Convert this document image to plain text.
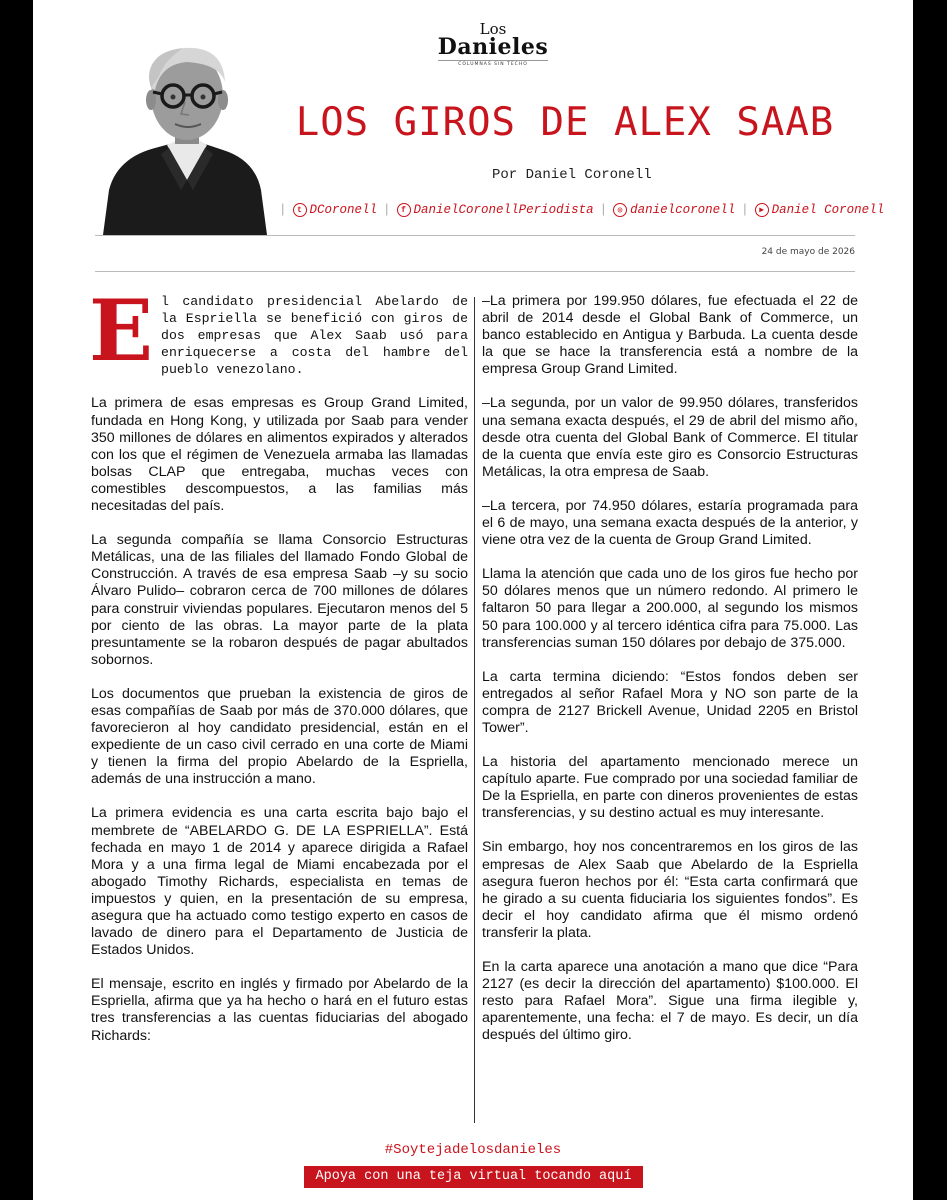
Los
Danieles
COLUMNAS SIN TECHO
LOS GIROS DE ALEX SAAB
Por Daniel Coronell
|	t DCoronell |	f DanielCoronellPeriodista |	◎ danielcoronell |	▶ Daniel Coronell
24 de mayo de 2026

El candidato presidencial Abelardo de la Espriella se benefició con giros de dos empresas que Alex Saab usó para enriquecerse a costa del hambre del pueblo venezolano.

La primera de esas empresas es Group Grand Limited, fundada en Hong Kong, y utilizada por Saab para vender 350 millones de dólares en alimentos expirados y alterados con los que el régimen de Venezuela armaba las llamadas bolsas CLAP que entregaba, muchas veces con comestibles descompuestos, a las familias más necesitadas del país.

La segunda compañía se llama Consorcio Estructuras Metálicas, una de las filiales del llamado Fondo Global de Construcción. A través de esa empresa Saab –y su socio Álvaro Pulido– cobraron cerca de 700 millones de dólares para construir viviendas populares. Ejecutaron menos del 5 por ciento de las obras. La mayor parte de la plata presuntamente se la robaron después de pagar abultados sobornos.

Los documentos que prueban la existencia de giros de esas compañías de Saab por más de 370.000 dólares, que favorecieron al hoy candidato presidencial, están en el expediente de un caso civil cerrado en una corte de Miami y tienen la firma del propio Abelardo de la Espriella, además de una instrucción a mano.

La primera evidencia es una carta escrita bajo bajo el membrete de “ABELARDO G. DE LA ESPRIELLA”. Está fechada en mayo 1 de 2014 y aparece dirigida a Rafael Mora y a una firma legal de Miami encabezada por el abogado Timothy Richards, especialista en temas de impuestos y quien, en la presentación de su empresa, asegura que ha actuado como testigo experto en casos de lavado de dinero para el Departamento de Justicia de Estados Unidos.

El mensaje, escrito en inglés y firmado por Abelardo de la Espriella, afirma que ya ha hecho o hará en el futuro estas tres transferencias a las cuentas fiduciarias del abogado Richards:

–La primera por 199.950 dólares, fue efectuada el 22 de abril de 2014 desde el Global Bank of Commerce, un banco establecido en Antigua y Barbuda. La cuenta desde la que se hace la transferencia está a nombre de la empresa Group Grand Limited.

–La segunda, por un valor de 99.950 dólares, transferidos una semana exacta después, el 29 de abril del mismo año, desde otra cuenta del Global Bank of Commerce. El titular de la cuenta que envía este giro es Consorcio Estructuras Metálicas, la otra empresa de Saab.

–La tercera, por 74.950 dólares, estaría programada para el 6 de mayo, una semana exacta después de la anterior, y viene otra vez de la cuenta de Group Grand Limited.

Llama la atención que cada uno de los giros fue hecho por 50 dólares menos que un número redondo. Al primero le faltaron 50 para llegar a 200.000, al segundo los mismos 50 para 100.000 y al tercero idéntica cifra para 75.000. Las transferencias suman 150 dólares por debajo de 375.000.

La carta termina diciendo: “Estos fondos deben ser entregados al señor Rafael Mora y NO son parte de la compra de 2127 Brickell Avenue, Unidad 2205 en Bristol Tower”.

La historia del apartamento mencionado merece un capítulo aparte. Fue comprado por una sociedad familiar de De la Espriella, en parte con dineros provenientes de estas transferencias, y su destino actual es muy interesante.

Sin embargo, hoy nos concentraremos en los giros de las empresas de Alex Saab que Abelardo de la Espriella asegura fueron hechos por él: “Esta carta confirmará que he girado a su cuenta fiduciaria los siguientes fondos”. Es decir el hoy candidato afirma que él mismo ordenó transferir la plata.

En la carta aparece una anotación a mano que dice “Para 2127 (es decir la dirección del apartamento) $100.000. El resto para Rafael Mora”. Sigue una firma ilegible y, aparentemente, una fecha: el 7 de mayo. Es decir, un día después del último giro.

#Soytejadelosdanieles
Apoya con una teja virtual tocando aquí
